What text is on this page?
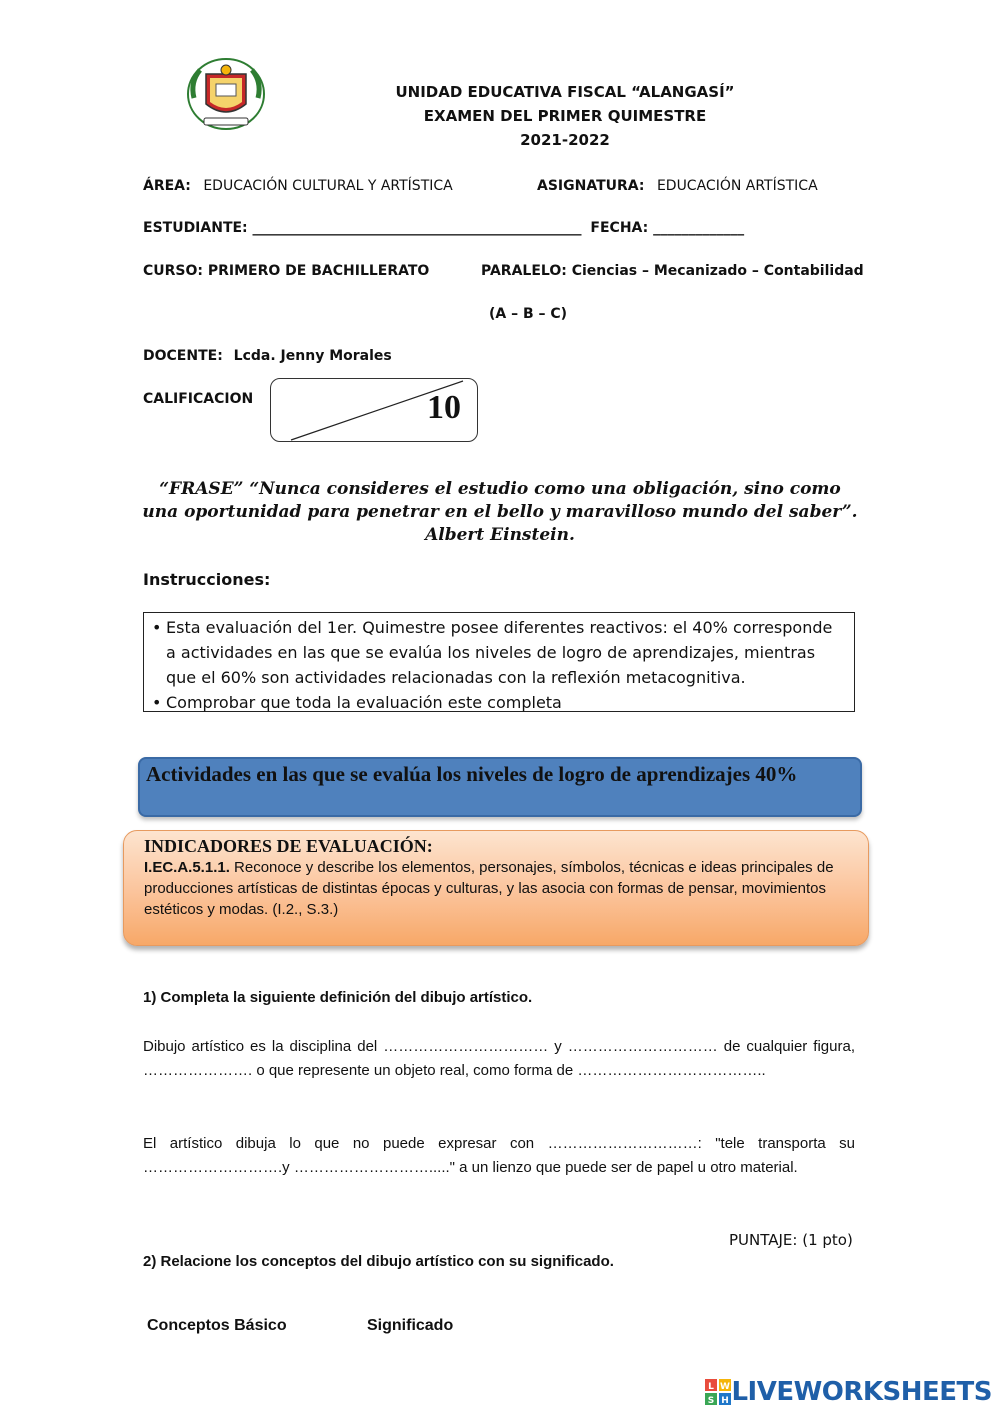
UNIDAD EDUCATIVA FISCAL “ALANGASÍ”
EXAMEN DEL PRIMER QUIMESTRE
2021-2022
ÁREA: EDUCACIÓN CULTURAL Y ARTÍSTICA	ASIGNATURA: EDUCACIÓN ARTÍSTICA
ESTUDIANTE: _______________________________________________ FECHA: _____________
CURSO: PRIMERO DE BACHILLERATO	PARALELO: Ciencias – Mecanizado – Contabilidad
(A – B – C)
DOCENTE: Lcda. Jenny Morales
CALIFICACION	10
“FRASE” “Nunca consideres el estudio como una obligación, sino como una oportunidad para penetrar en el bello y maravilloso mundo del saber”. Albert Einstein.
Instrucciones:
• Esta evaluación del 1er. Quimestre posee diferentes reactivos: el 40% corresponde a actividades en las que se evalúa los niveles de logro de aprendizajes, mientras que el 60% son actividades relacionadas con la reflexión metacognitiva.
• Comprobar que toda la evaluación este completa
Actividades en las que se evalúa los niveles de logro de aprendizajes 40%
INDICADORES DE EVALUACIÓN:
I.EC.A.5.1.1. Reconoce y describe los elementos, personajes, símbolos, técnicas e ideas principales de producciones artísticas de distintas épocas y culturas, y las asocia con formas de pensar, movimientos estéticos y modas. (I.2., S.3.)
1) Completa la siguiente definición del dibujo artístico.
Dibujo artístico es la disciplina del …………………………… y ………………………… de cualquier figura, …………………. o que represente un objeto real, como forma de ………………………………..
El artístico dibuja lo que no puede expresar con …………………………: "tele transporta su ……………………….y ………………………....." a un lienzo que puede ser de papel u otro material.
PUNTAJE: (1 pto)
2) Relacione los conceptos del dibujo artístico con su significado.
Conceptos Básico	Significado
L W
S H LIVEWORKSHEETS
